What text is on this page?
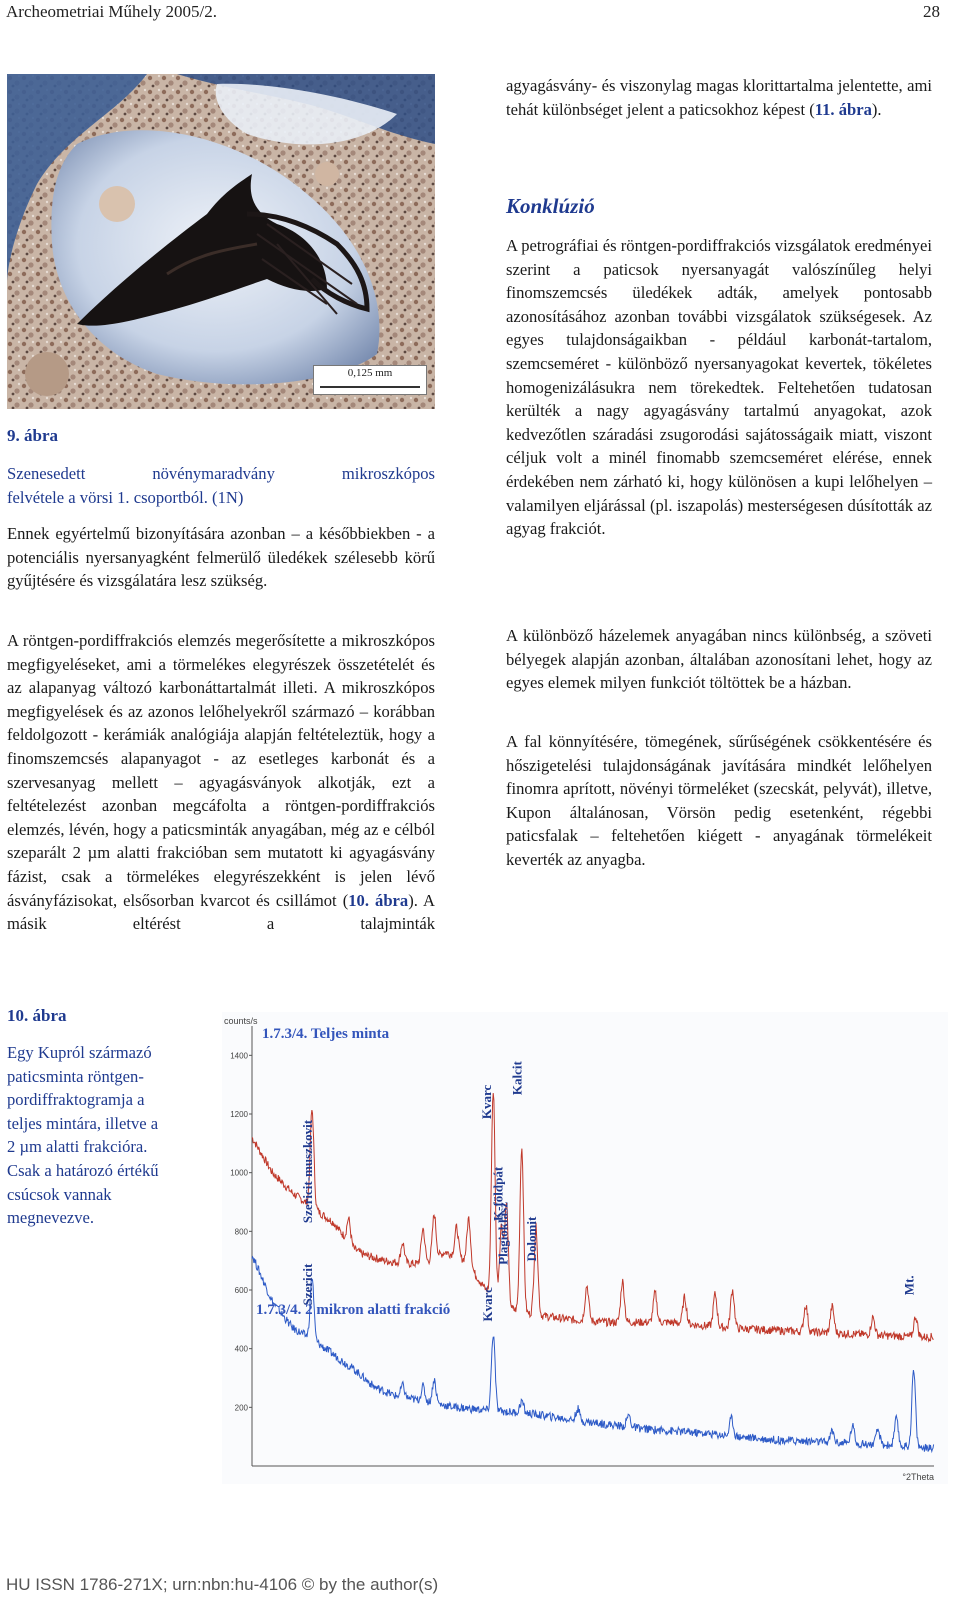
Archeometriai Műhely 2005/2.	28
0,125 mm
9. ábra
Szenesedett növénymaradvány mikroszkópos
felvétele a vörsi 1. csoportból. (1N)

Ennek egyértelmű bizonyítására azonban – a későbbiekben - a potenciális nyersanyagként felmerülő üledékek szélesebb körű gyűjtésére és vizsgálatára lesz szükség.

A röntgen-pordiffrakciós elemzés megerősítette a mikroszkópos megfigyeléseket, ami a törmelékes elegyrészek összetételét és az alapanyag változó karbonáttartalmát illeti. A mikroszkópos megfigyelések és az azonos lelőhelyekről származó – korábban feldolgozott - kerámiák analógiája alapján feltételeztük, hogy a finomszemcsés alapanyagot - az esetleges karbonát és a szervesanyag mellett – agyagásványok alkotják, ezt a feltételezést azonban megcáfolta a röntgen-pordiffrakciós elemzés, lévén, hogy a paticsminták anyagában, még az e célból szeparált 2 µm alatti frakcióban sem mutatott ki agyagásvány fázist, csak a törmelékes elegyrészekként is jelen lévő ásványfázisokat, elsősorban kvarcot és csillámot (10. ábra). A másik eltérést a talajminták

10. ábra
Egy Kupról származó
paticsminta röntgen-
pordiffraktogramja a
teljes mintára, illetve a
2 µm alatti frakcióra.
Csak a határozó értékű
csúcsok vannak
megnevezve.

agyagásvány- és viszonylag magas klorittartalma jelentette, ami tehát különbséget jelent a paticsokhoz képest (11. ábra).

Konklúzió

A petrográfiai és röntgen-pordiffrakciós vizsgálatok eredményei szerint a paticsok nyersanyagát valószínűleg helyi finomszemcsés üledékek adták, amelyek pontosabb azonosításához azonban további vizsgálatok szükségesek. Az egyes tulajdonságaikban - például karbonát-tartalom, szemcseméret - különböző nyersanyagokat kevertek, tökéletes homogenizálásukra nem törekedtek. Feltehetően tudatosan kerülték a nagy agyagásvány tartalmú anyagokat, azok kedvezőtlen száradási zsugorodási sajátosságaik miatt, viszont céljuk volt a minél finomabb szemcseméret elérése, ennek érdekében nem zárható ki, hogy különösen a kupi lelőhelyen – valamilyen eljárással (pl. iszapolás) mesterségesen dúsították az agyag frakciót.

A különböző házelemek anyagában nincs különbség, a szöveti bélyegek alapján azonban, általában azonosítani lehet, hogy az egyes elemek milyen funkciót töltöttek be a házban.

A fal könnyítésére, tömegének, sűrűségének csökkentésére és hőszigetelési tulajdonságának javítására mindkét lelőhelyen finomra aprított, növényi törmeléket (szecskát, pelyvát), illetve, Kupon általánosan, Vörsön pedig esetenként, régebbi paticsfalak – feltehetően kiégett - anyagának törmelékeit keverték az anyagba.

counts/s
1400
1200
1000
800
600
400
200
°2Theta
1.7.3/4. Teljes minta
1.7.3/4. 2 mikron alatti frakció
Szericit-muszkovit
Kvarc
K-földpát
Plagioklász
Kalcit
Dolomit
Szericit	Kvarc
Mt.
HU ISSN 1786-271X; urn:nbn:hu-4106 © by the author(s)
